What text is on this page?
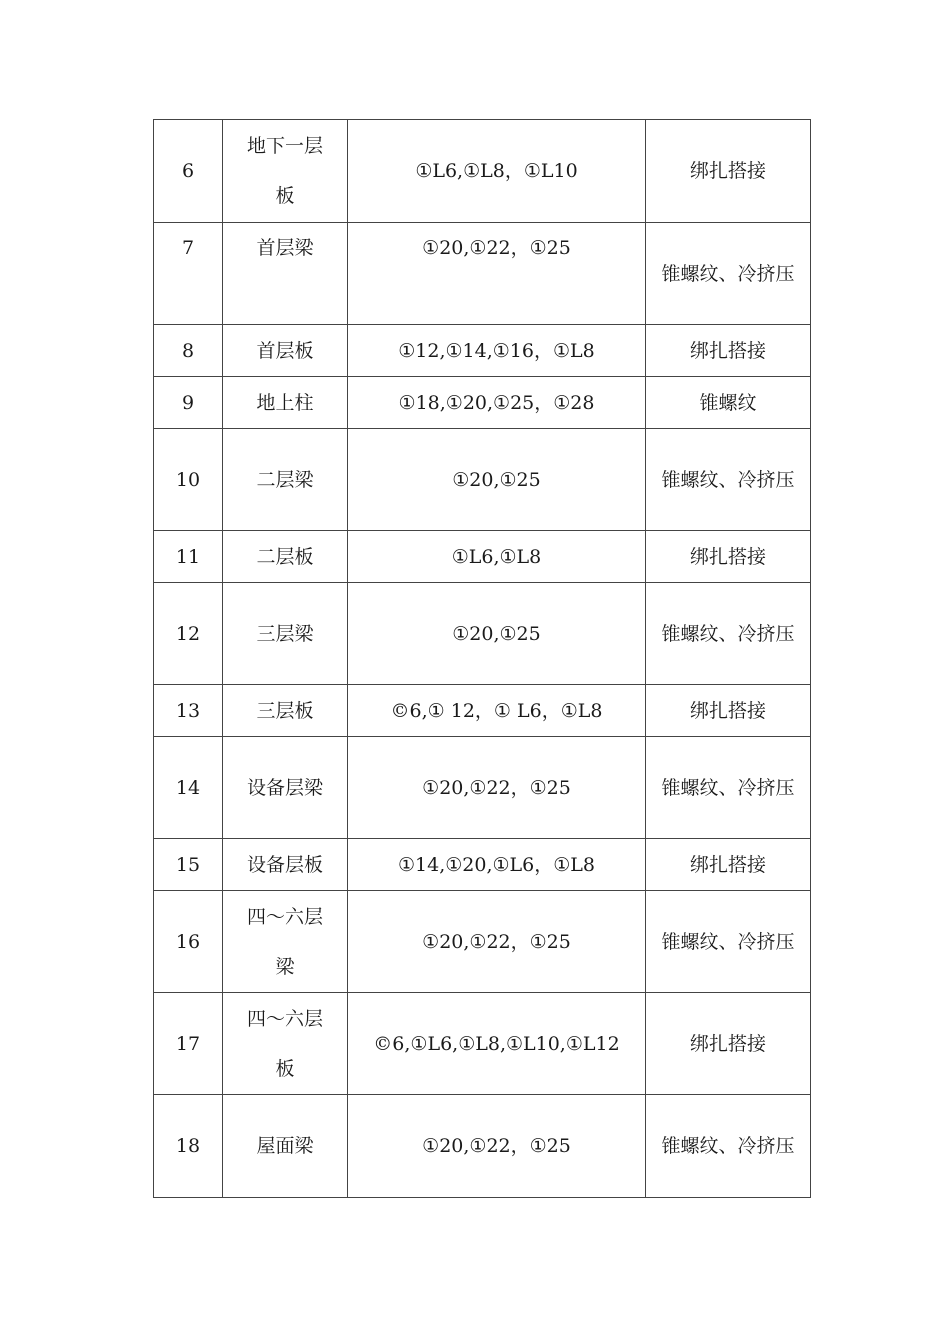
6	地下一层板	①L6,①L8，①L10	绑扎搭接

7	首层梁	①20,①22，①25	锥螺纹、冷挤压

8	首层板	①12,①14,①16，①L8	绑扎搭接

9	地上柱	①18,①20,①25，①28	锥螺纹

10	二层梁	①20,①25	锥螺纹、冷挤压

11	二层板	①L6,①L8	绑扎搭接

12	三层梁	①20,①25	锥螺纹、冷挤压

13	三层板	©6,① 12，① L6，①L8	绑扎搭接

14	设备层梁	①20,①22，①25	锥螺纹、冷挤压

15	设备层板	①14,①20,①L6，①L8	绑扎搭接

16	四〜六层梁	①20,①22，①25	锥螺纹、冷挤压

17	四〜六层板	©6,①L6,①L8,①L10,①L12	绑扎搭接

18	屋面梁	①20,①22，①25	锥螺纹、冷挤压
